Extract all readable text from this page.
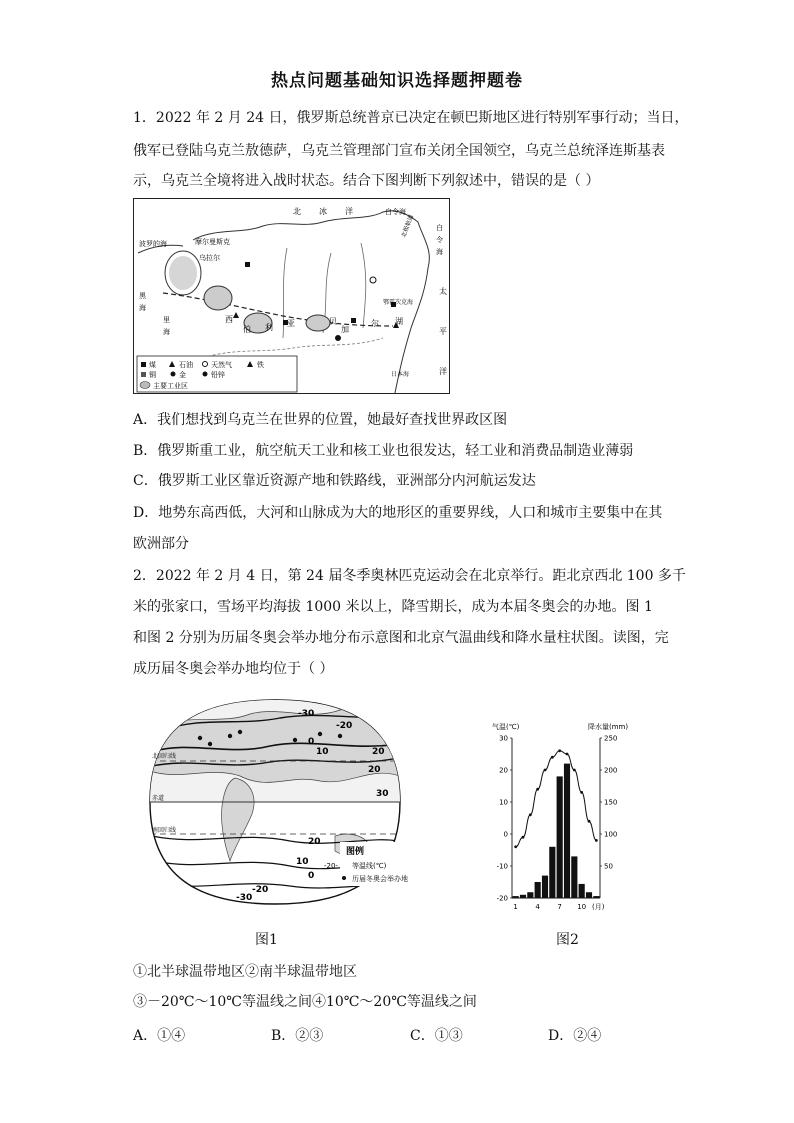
热点问题基础知识选择题押题卷
1．2022 年 2 月 24 日，俄罗斯总统普京已决定在顿巴斯地区进行特别军事行动；当日，
俄军已登陆乌克兰敖德萨，乌克兰管理部门宣布关闭全国领空，乌克兰总统泽连斯基表
示，乌克兰全境将进入战时状态。结合下图判断下列叙述中，错误的是（ ）
北 冰 洋	白令海
白
令
海
太
平
洋
波罗的海	摩尔曼斯克
乌拉尔
黑
海
里
海
西
伯 利 亚	贝
加
尔 湖
鄂霍次克海
日本海
北极航道
煤	石油	天然气	铁
铜	金	铅锌
主要工业区
A．我们想找到乌克兰在世界的位置，她最好查找世界政区图
B．俄罗斯重工业，航空航天工业和核工业也很发达，轻工业和消费品制造业薄弱
C．俄罗斯工业区靠近资源产地和铁路线，亚洲部分内河航运发达
D．地势东高西低，大河和山脉成为大的地形区的重要界线，人口和城市主要集中在其
欧洲部分
2．2022 年 2 月 4 日，第 24 届冬季奥林匹克运动会在北京举行。距北京西北 100 多千
米的张家口，雪场平均海拔 1000 米以上，降雪期长，成为本届冬奥会的办地。图 1
和图 2 分别为历届冬奥会举办地分布示意图和北京气温曲线和降水量柱状图。读图，完
成历届冬奥会举办地均位于（ ）
-30
-20
0
10
20
20
30
20
10
0
-20
-30
北回归线
赤道
南回归线
图例
-20- 等温线(℃)
历届冬奥会举办地
气温(℃)	降水量(mm)
30
20
10
0
-10
-20
250
200
150
100
50
1	4	7 10 (月)
图1	图2
①北半球温带地区②南半球温带地区
③－20℃～10℃等温线之间④10℃～20℃等温线之间
A．①④	B．②③	C．①③	D．②④
